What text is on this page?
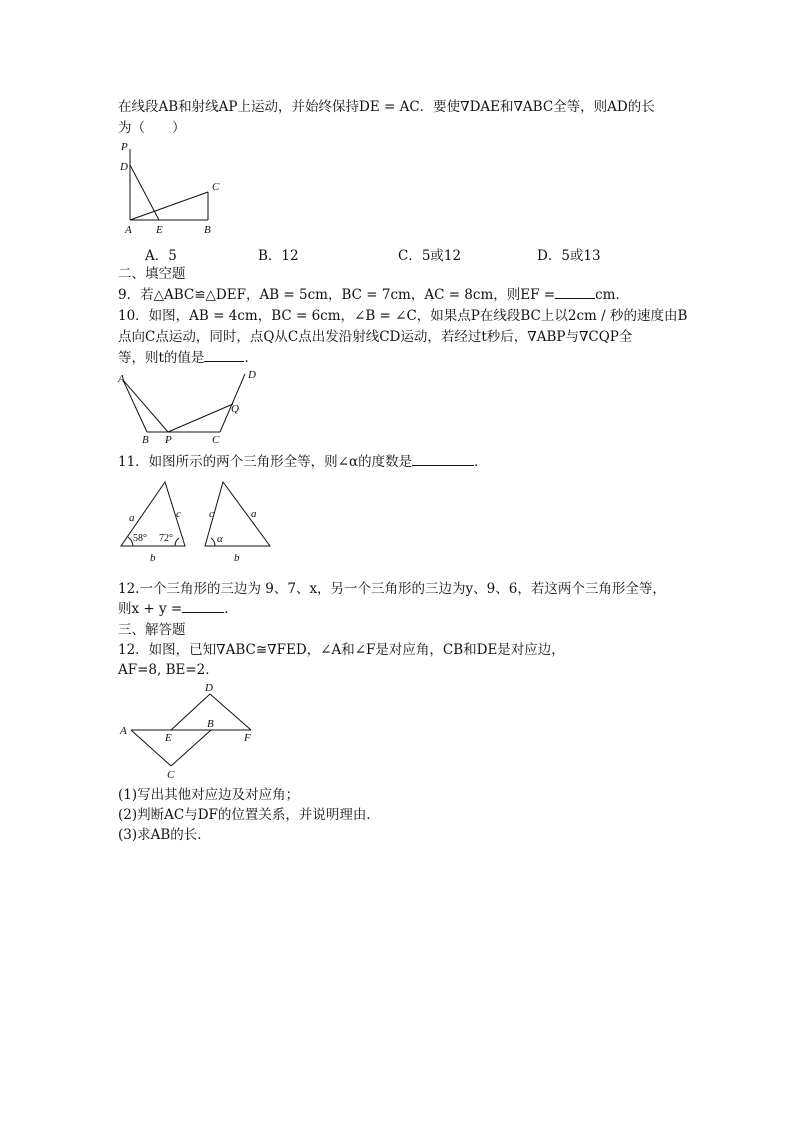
在线段AB和射线AP上运动，并始终保持DE = AC．要使∇DAE和∇ABC全等，则AD的长
为（　　）
P
D
C
A E	B
A．5	B．12	C．5或12	D．5或13
二、填空题
9．若△ABC≌△DEF，AB = 5cm，BC = 7cm，AC = 8cm，则EF =	cm．
10．如图，AB = 4cm，BC = 6cm，∠B = ∠C，如果点P在线段BC上以2cm / 秒的速度由B
点向C点运动，同时，点Q从C点出发沿射线CD运动，若经过t秒后，∇ABP与∇CQP全
等，则t的值是	．
A	D
Q
B P	C
11．如图所示的两个三角形全等，则∠α的度数是	．
a	c
58° 72°
b
c	a
α
b
12.一个三角形的三边为 9、7、x，另一个三角形的三边为y、9、6，若这两个三角形全等，
则x + y =	．
三、解答题
12．如图，已知∇ABC≅∇FED，∠A和∠F是对应角，CB和DE是对应边，
AF=8, BE=2．
D
A
E
B
F
C
(1)写出其他对应边及对应角；
(2)判断AC与DF的位置关系，并说明理由．
(3)求AB的长．
